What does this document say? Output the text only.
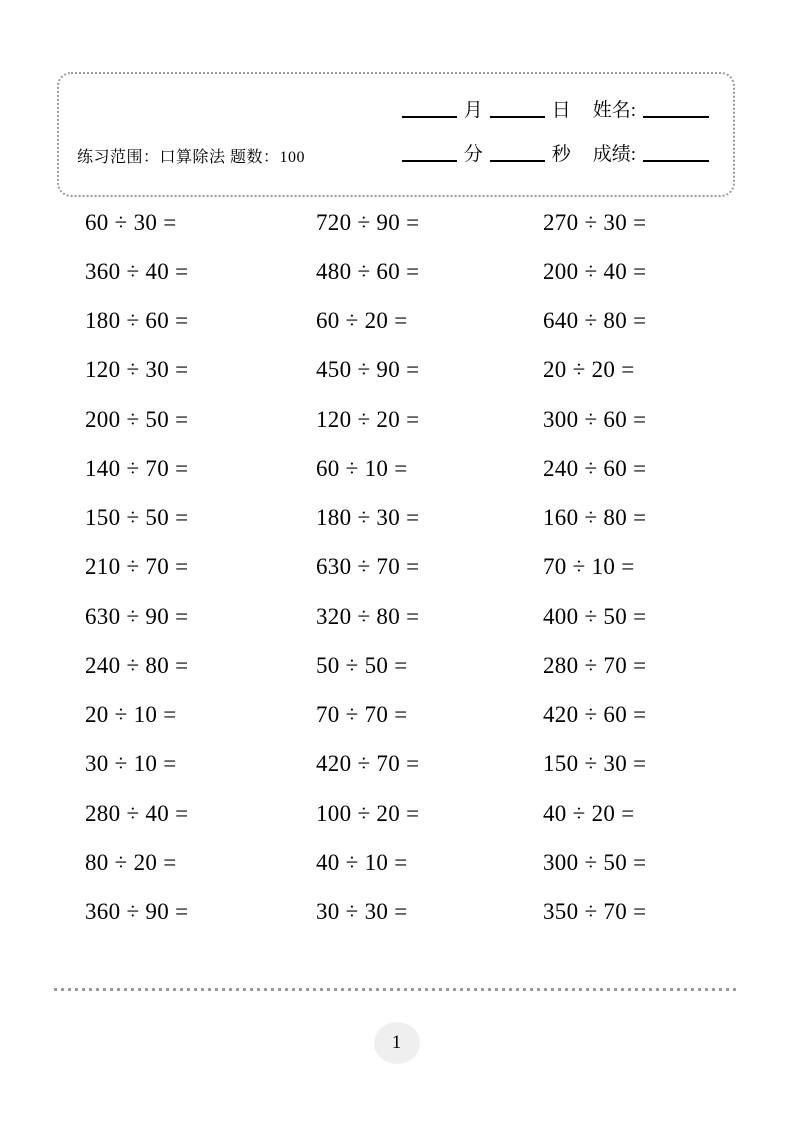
练习范围：口算除法 题数：100
月	日 姓名:
分	秒 成绩:
60 ÷ 30 =	720 ÷ 90 =	270 ÷ 30 =
360 ÷ 40 =	480 ÷ 60 =	200 ÷ 40 =
180 ÷ 60 =	60 ÷ 20 =	640 ÷ 80 =
120 ÷ 30 =	450 ÷ 90 =	20 ÷ 20 =
200 ÷ 50 =	120 ÷ 20 =	300 ÷ 60 =
140 ÷ 70 =	60 ÷ 10 =	240 ÷ 60 =
150 ÷ 50 =	180 ÷ 30 =	160 ÷ 80 =
210 ÷ 70 =	630 ÷ 70 =	70 ÷ 10 =
630 ÷ 90 =	320 ÷ 80 =	400 ÷ 50 =
240 ÷ 80 =	50 ÷ 50 =	280 ÷ 70 =
20 ÷ 10 =	70 ÷ 70 =	420 ÷ 60 =
30 ÷ 10 =	420 ÷ 70 =	150 ÷ 30 =
280 ÷ 40 =	100 ÷ 20 =	40 ÷ 20 =
80 ÷ 20 =	40 ÷ 10 =	300 ÷ 50 =
360 ÷ 90 =	30 ÷ 30 =	350 ÷ 70 =
1
